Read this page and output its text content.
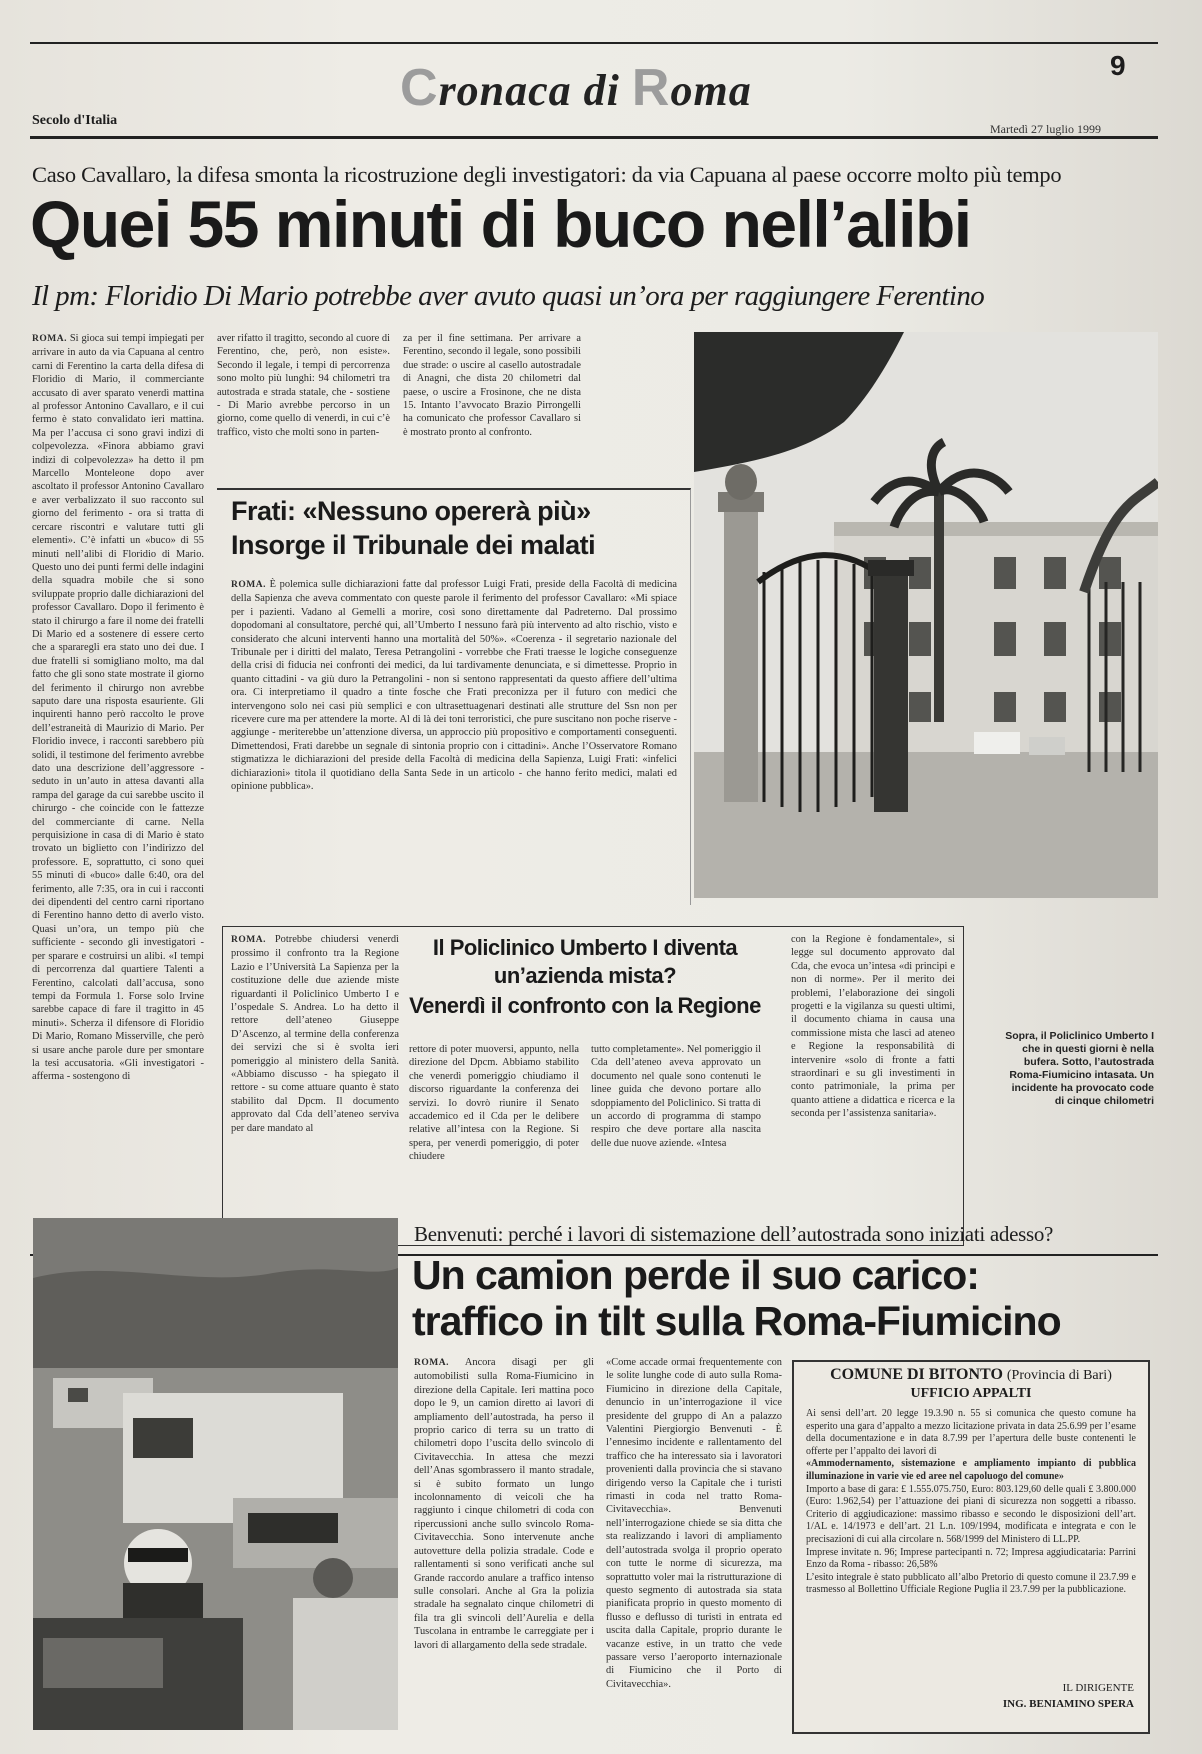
Cronaca di Roma
9
Secolo d'Italia
Martedì 27 luglio 1999
Caso Cavallaro, la difesa smonta la ricostruzione degli investigatori: da via Capuana al paese occorre molto più tempo
Quei 55 minuti di buco nell’alibi
Il pm: Floridio Di Mario potrebbe aver avuto quasi un’ora per raggiungere Ferentino

ROMA. Si gioca sui tempi impiegati per arrivare in auto da via Capuana al centro carni di Ferentino la carta della difesa di Floridio di Mario, il commerciante accusato di aver sparato venerdì mattina al professor Antonino Cavallaro, e il cui fermo è stato convalidato ieri mattina. Ma per l’accusa ci sono gravi indizi di colpevolezza. «Finora abbiamo gravi indizi di colpevolezza» ha detto il pm Marcello Monteleone dopo aver ascoltato il professor Antonino Cavallaro e aver verbalizzato il suo racconto sul giorno del ferimento - ora si tratta di cercare riscontri e valutare tutti gli elementi». C’è infatti un «buco» di 55 minuti nell’alibi di Floridio di Mario. Questo uno dei punti fermi delle indagini della squadra mobile che si sono sviluppate proprio dalle dichiarazioni del professor Cavallaro. Dopo il ferimento è stato il chirurgo a fare il nome dei fratelli Di Mario ed a sostenere di essere certo che a spararegli era stato uno dei due. I due fratelli si somigliano molto, ma dal fatto che gli sono state mostrate il giorno del ferimento il chirurgo non avrebbe saputo dare una risposta esauriente. Gli inquirenti hanno però raccolto le prove dell’estraneità di Maurizio di Mario. Per Floridio invece, i racconti sarebbero più solidi, il testimone del ferimento avrebbe dato una descrizione dell’aggressore - seduto in un’auto in attesa davanti alla rampa del garage da cui sarebbe uscito il chirurgo - che coincide con le fattezze del commerciante di carne. Nella perquisizione in casa di di Mario è stato trovato un biglietto con l’indirizzo del professore. E, soprattutto, ci sono quei 55 minuti di «buco» dalle 6:40, ora del ferimento, alle 7:35, ora in cui i racconti dei dipendenti del centro carni riportano di Ferentino hanno detto di averlo visto. Quasi un’ora, un tempo più che sufficiente - secondo gli investigatori - per sparare e costruirsi un alibi. «I tempi di percorrenza dal quartiere Talenti a Ferentino, calcolati dall’accusa, sono tempi da Formula 1. Forse solo Irvine sarebbe capace di fare il tragitto in 45 minuti». Scherza il difensore di Floridio Di Mario, Romano Misserville, che però si usare anche parole dure per smontare la tesi accusatoria. «Gli investigatori - afferma - sostengono di

aver rifatto il tragitto, secondo al cuore di Ferentino, che, però, non esiste». Secondo il legale, i tempi di percorrenza sono molto più lunghi: 94 chilometri tra autostrada e strada statale, che - sostiene - Di Mario avrebbe percorso in un giorno, come quello di venerdì, in cui c’è traffico, visto che molti sono in parten-

za per il fine settimana. Per arrivare a Ferentino, secondo il legale, sono possibili due strade: o uscire al casello autostradale di Anagni, che dista 20 chilometri dal paese, o uscire a Frosinone, che ne dista 15. Intanto l’avvocato Brazio Pirrongelli ha comunicato che professor Cavallaro si è mostrato pronto al confronto.

Frati: «Nessuno opererà più»
Insorge il Tribunale dei malati

ROMA. È polemica sulle dichiarazioni fatte dal professor Luigi Frati, preside della Facoltà di medicina della Sapienza che aveva commentato con queste parole il ferimento del professor Cavallaro: «Mi spiace per i pazienti. Vadano al Gemelli a morire, così sono direttamente dal Padreterno. Dal prossimo dopodomani al consultatore, perché qui, all’Umberto I nessuno farà più intervento ad alto rischio, visto e considerato che alcuni interventi hanno una mortalità del 50%». «Coerenza - il segretario nazionale del Tribunale per i diritti del malato, Teresa Petrangolini - vorrebbe che Frati traesse le logiche conseguenze della crisi di fiducia nei confronti dei medici, da lui tardivamente denunciata, e si dimettesse. Proprio in quanto cittadini - va giù duro la Petrangolini - non si sentono rappresentati da questo affiere dell’ultima ora. Ci interpretiamo il quadro a tinte fosche che Frati preconizza per il futuro con medici che intervengono solo nei casi più semplici e con ultrasettuagenari destinati alle strutture del Ssn non per ricevere cure ma per attendere la morte. Al di là dei toni terroristici, che pure suscitano non poche riserve - aggiunge - meriterebbe un’attenzione diversa, un approccio più propositivo e comportamenti conseguenti. Dimettendosi, Frati darebbe un segnale di sintonia proprio con i cittadini». Anche l’Osservatore Romano stigmatizza le dichiarazioni del preside della Facoltà di medicina della Sapienza, Luigi Frati: «infelici dichiarazioni» titola il quotidiano della Santa Sede in un articolo - che hanno ferito medici, malati ed opinione pubblica».

ROMA. Potrebbe chiudersi venerdì prossimo il confronto tra la Regione Lazio e l’Università La Sapienza per la costituzione delle due aziende miste riguardanti il Policlinico Umberto I e l’ospedale S. Andrea. Lo ha detto il rettore dell’ateneo Giuseppe D’Ascenzo, al termine della conferenza dei servizi che si è svolta ieri pomeriggio al ministero della Sanità. «Abbiamo discusso - ha spiegato il rettore - su come attuare quanto è stato stabilito dal Dpcm. Il documento approvato dal Cda dell’ateneo serviva per dare mandato al

Il Policlinico Umberto I diventa
un’azienda mista?
Venerdì il confronto con la Regione

rettore di poter muoversi, appunto, nella direzione del Dpcm. Abbiamo stabilito che venerdì pomeriggio chiudiamo il discorso riguardante la conferenza dei servizi. Io dovrò riunire il Senato accademico ed il Cda per le delibere relative all’intesa con la Regione. Si spera, per venerdì pomeriggio, di poter chiudere

tutto completamente». Nel pomeriggio il Cda dell’ateneo aveva approvato un documento nel quale sono contenuti le linee guida che devono portare allo sdoppiamento del Policlinico. Si tratta di un accordo di programma di stampo respiro che deve portare alla nascita delle due nuove aziende. «Intesa

con la Regione è fondamentale», si legge sul documento approvato dal Cda, che evoca un’intesa «di principi e non di norme». Per il merito dei problemi, l’elaborazione dei singoli progetti e la vigilanza su questi ultimi, il documento chiama in causa una commissione mista che lasci ad ateneo e Regione la responsabilità di intervenire «solo di fronte a fatti straordinari e su gli investimenti in conto patrimoniale, la prima per quanto attiene a didattica e ricerca e la seconda per l’assistenza sanitaria».

Sopra, il Policlinico Umberto I che in questi giorni è nella bufera. Sotto, l’autostrada Roma-Fiumicino intasata. Un incidente ha provocato code di cinque chilometri
Benvenuti: perché i lavori di sistemazione dell’autostrada sono iniziati adesso?
Un camion perde il suo carico:
traffico in tilt sulla Roma-Fiumicino

ROMA. Ancora disagi per gli automobilisti sulla Roma-Fiumicino in direzione della Capitale. Ieri mattina poco dopo le 9, un camion diretto ai lavori di ampliamento dell’autostrada, ha perso il proprio carico di terra su un tratto di chilometri dopo l’uscita dello svincolo di Civitavecchia. In attesa che mezzi dell’Anas sgombrassero il manto stradale, si è subito formato un lungo incolonnamento di veicoli che ha raggiunto i cinque chilometri di coda con ripercussioni anche sullo svincolo Roma-Civitavecchia. Sono intervenute anche autovetture della polizia stradale. Code e rallentamenti si sono verificati anche sul Grande raccordo anulare a traffico intenso sulle consolari. Anche al Gra la polizia stradale ha segnalato cinque chilometri di fila tra gli svincoli dell’Aurelia e della Tuscolana in entrambe le carreggiate per i lavori di allargamento della sede stradale.

«Come accade ormai frequentemente con le solite lunghe code di auto sulla Roma-Fiumicino in direzione della Capitale, denuncio in un’interrogazione il vice presidente del gruppo di An a palazzo Valentini Piergiorgio Benvenuti - È l’ennesimo incidente e rallentamento del traffico che ha interessato sia i lavoratori provenienti dalla provincia che si stavano dirigendo verso la Capitale che i turisti rimasti in coda nel tratto Roma-Civitavecchia». Benvenuti nell’interrogazione chiede se sia ditta che sta realizzando i lavori di ampliamento dell’autostrada svolga il proprio operato con tutte le norme di sicurezza, ma soprattutto voler mai la ristrutturazione di questo segmento di autostrada sia stata pianificata proprio in questo momento di flusso e deflusso di turisti in entrata ed uscita dalla Capitale, proprio durante le vacanze estive, in un tratto che vede passare verso l’aeroporto internazionale di Fiumicino che il Porto di Civitavecchia».

COMUNE DI BITONTO (Provincia di Bari)
UFFICIO APPALTI
Ai sensi dell’art. 20 legge 19.3.90 n. 55 si comunica che questo comune ha esperito una gara d’appalto a mezzo licitazione privata in data 25.6.99 per l’esame della documentazione e in data 8.7.99 per l’apertura delle buste contenenti le offerte per l’appalto dei lavori di
«Ammodernamento, sistemazione e ampliamento impianto di pubblica illuminazione in varie vie ed aree nel capoluogo del comune»
Importo a base di gara: £ 1.555.075.750, Euro: 803.129,60 delle quali £ 3.800.000 (Euro: 1.962,54) per l’attuazione dei piani di sicurezza non soggetti a ribasso. Criterio di aggiudicazione: massimo ribasso e secondo le disposizioni dell’art. 1/AL e. 14/1973 e dell’art. 21 L.n. 109/1994, modificata e integrata e con le precisazioni di cui alla circolare n. 568/1999 del Ministero di LL.PP.
Imprese invitate n. 96; Imprese partecipanti n. 72; Impresa aggiudicataria: Parrini Enzo da Roma - ribasso: 26,58%
L’esito integrale è stato pubblicato all’albo Pretorio di questo comune il 23.7.99 e trasmesso al Bollettino Ufficiale Regione Puglia il 23.7.99 per la pubblicazione.
IL DIRIGENTE
ING. BENIAMINO SPERA
